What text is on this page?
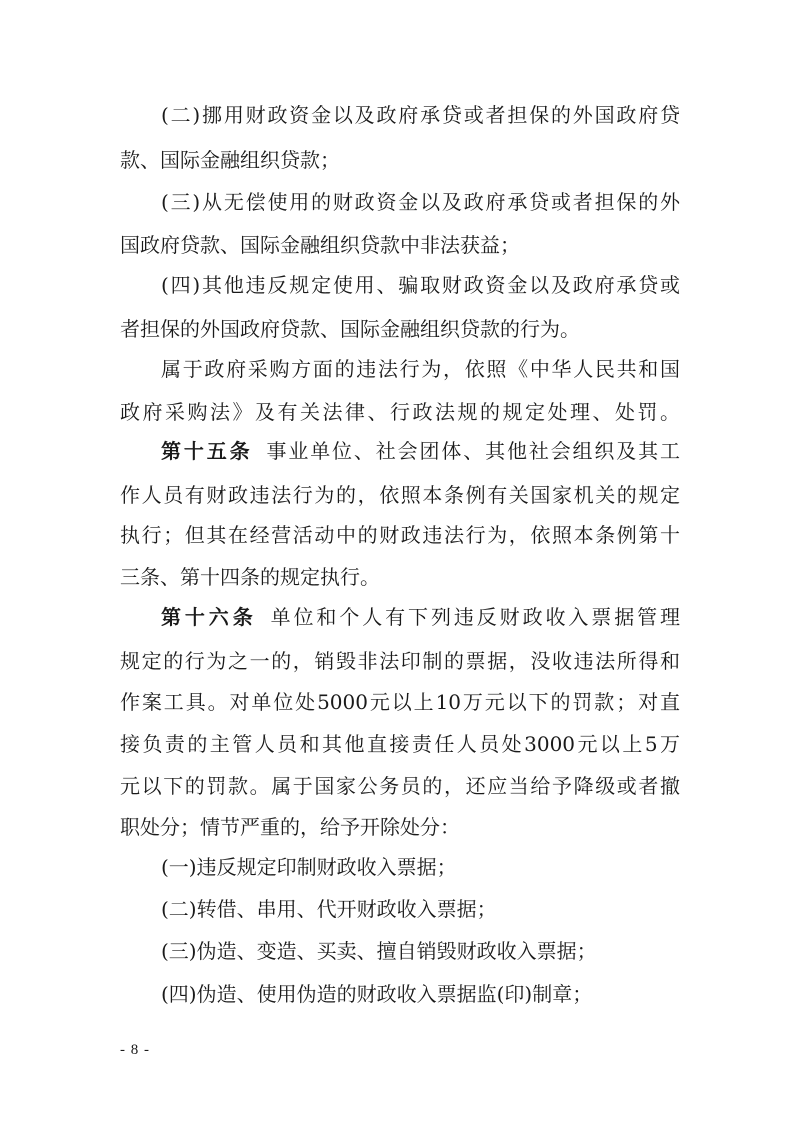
(二)挪用财政资金以及政府承贷或者担保的外国政府贷
款、国际金融组织贷款；
(三)从无偿使用的财政资金以及政府承贷或者担保的外
国政府贷款、国际金融组织贷款中非法获益；
(四)其他违反规定使用、骗取财政资金以及政府承贷或
者担保的外国政府贷款、国际金融组织贷款的行为。
属于政府采购方面的违法行为，依照《中华人民共和国
政府采购法》及有关法律、行政法规的规定处理、处罚。
第十五条 事业单位、社会团体、其他社会组织及其工
作人员有财政违法行为的，依照本条例有关国家机关的规定
执行；但其在经营活动中的财政违法行为，依照本条例第十
三条、第十四条的规定执行。
第十六条 单位和个人有下列违反财政收入票据管理
规定的行为之一的，销毁非法印制的票据，没收违法所得和
作案工具。对单位处5000元以上10万元以下的罚款；对直
接负责的主管人员和其他直接责任人员处3000元以上5万
元以下的罚款。属于国家公务员的，还应当给予降级或者撤
职处分；情节严重的，给予开除处分：
(一)违反规定印制财政收入票据；
(二)转借、串用、代开财政收入票据；
(三)伪造、变造、买卖、擅自销毁财政收入票据；
(四)伪造、使用伪造的财政收入票据监(印)制章；
- 8 -
